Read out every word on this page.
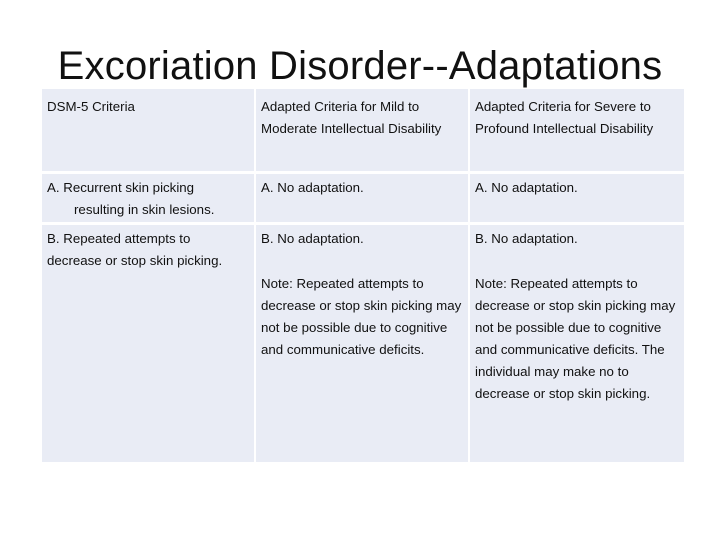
Excoriation Disorder--Adaptations

DSM-5 Criteria	Adapted Criteria for Mild to Moderate Intellectual Disability

Adapted Criteria for Severe to Profound Intellectual Disability

A. Recurrent skin picking resulting in skin lesions.

A. No adaptation.	A. No adaptation.

B. Repeated attempts to decrease or stop skin picking.

B. No adaptation.

Note: Repeated attempts to decrease or stop skin picking may not be possible due to cognitive and communicative deficits.

B. No adaptation.

Note: Repeated attempts to decrease or stop skin picking may not be possible due to cognitive and communicative deficits. The individual may make no to decrease or stop skin picking.
